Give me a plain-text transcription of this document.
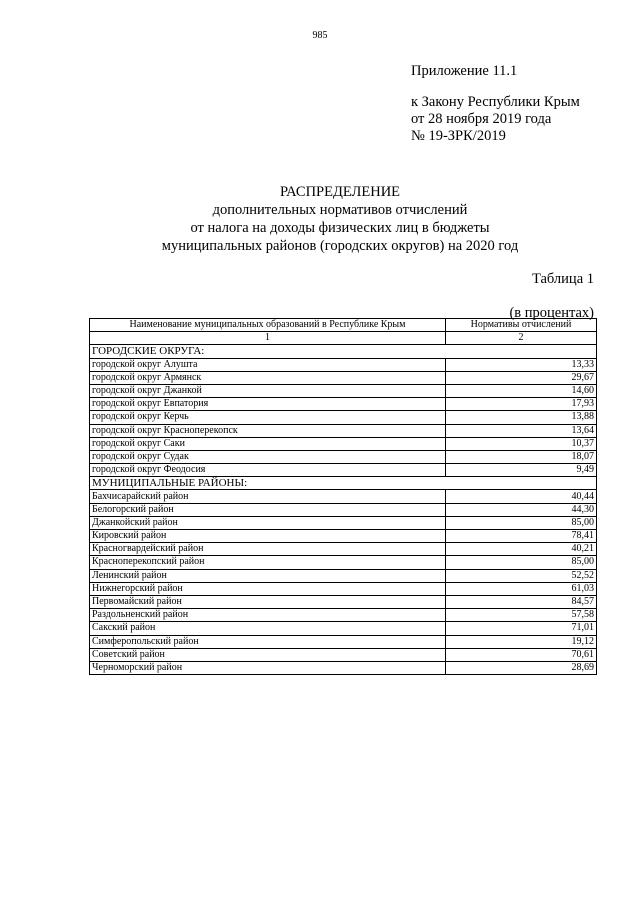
985
Приложение 11.1
к Закону Республики Крым
от 28 ноября 2019 года
№ 19-ЗРК/2019
РАСПРЕДЕЛЕНИЕ
дополнительных нормативов отчислений
от налога на доходы физических лиц в бюджеты
муниципальных районов (городских округов) на 2020 год
Таблица 1
(в процентах)
Наименование муниципальных образований в Республике Крым	Нормативы отчислений
1	2
ГОРОДСКИЕ ОКРУГА:	
городской округ Алушта	13,33
городской округ Армянск	29,67
городской округ Джанкой	14,60
городской округ Евпатория	17,93
городской округ Керчь	13,88
городской округ Красноперекопск	13,64
городской округ Саки	10,37
городской округ Судак	18,07
городской округ Феодосия	9,49
МУНИЦИПАЛЬНЫЕ РАЙОНЫ:	
Бахчисарайский район	40,44
Белогорский район	44,30
Джанкойский район	85,00
Кировский район	78,41
Красногвардейский район	40,21
Красноперекопский район	85,00
Ленинский район	52,52
Нижнегорский район	61,03
Первомайский район	84,57
Раздольненский район	57,58
Сакский район	71,01
Симферопольский район	19,12
Советский район	70,61
Черноморский район	28,69
